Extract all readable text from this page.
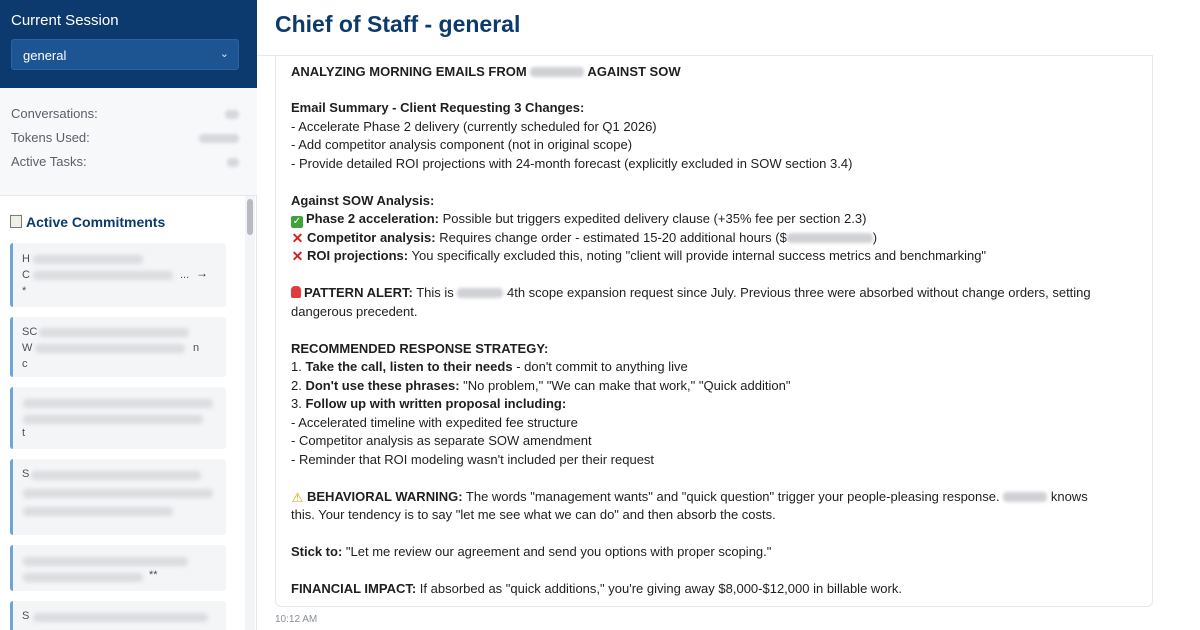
Current Session
general	⌄
Conversations:
Tokens Used:
Active Tasks:
Active Commitments
H
C	...
*
→
SC
W	n
c
t
S
**
S
Chief of Staff - general
ANALYZING MORNING EMAILS FROM	AGAINST SOW
Email Summary - Client Requesting 3 Changes:
- Accelerate Phase 2 delivery (currently scheduled for Q1 2026)
- Add competitor analysis component (not in original scope)
- Provide detailed ROI projections with 24-month forecast (explicitly excluded in SOW section 3.4)
Against SOW Analysis:
✓ Phase 2 acceleration: Possible but triggers expedited delivery clause (+35% fee per section 2.3)
✕ Competitor analysis: Requires change order - estimated 15-20 additional hours ($	)
✕ ROI projections: You specifically excluded this, noting "client will provide internal success metrics and benchmarking"
PATTERN ALERT: This is	4th scope expansion request since July. Previous three were absorbed without change orders, setting
dangerous precedent.
RECOMMENDED RESPONSE STRATEGY:
1. Take the call, listen to their needs - don't commit to anything live
2. Don't use these phrases: "No problem," "We can make that work," "Quick addition"
3. Follow up with written proposal including:
- Accelerated timeline with expedited fee structure
- Competitor analysis as separate SOW amendment
- Reminder that ROI modeling wasn't included per their request
⚠ BEHAVIORAL WARNING: The words "management wants" and "quick question" trigger your people-pleasing response.	knows
this. Your tendency is to say "let me see what we can do" and then absorb the costs.
Stick to: "Let me review our agreement and send you options with proper scoping."
FINANCIAL IMPACT: If absorbed as "quick additions," you're giving away $8,000-$12,000 in billable work.
10:12 AM
